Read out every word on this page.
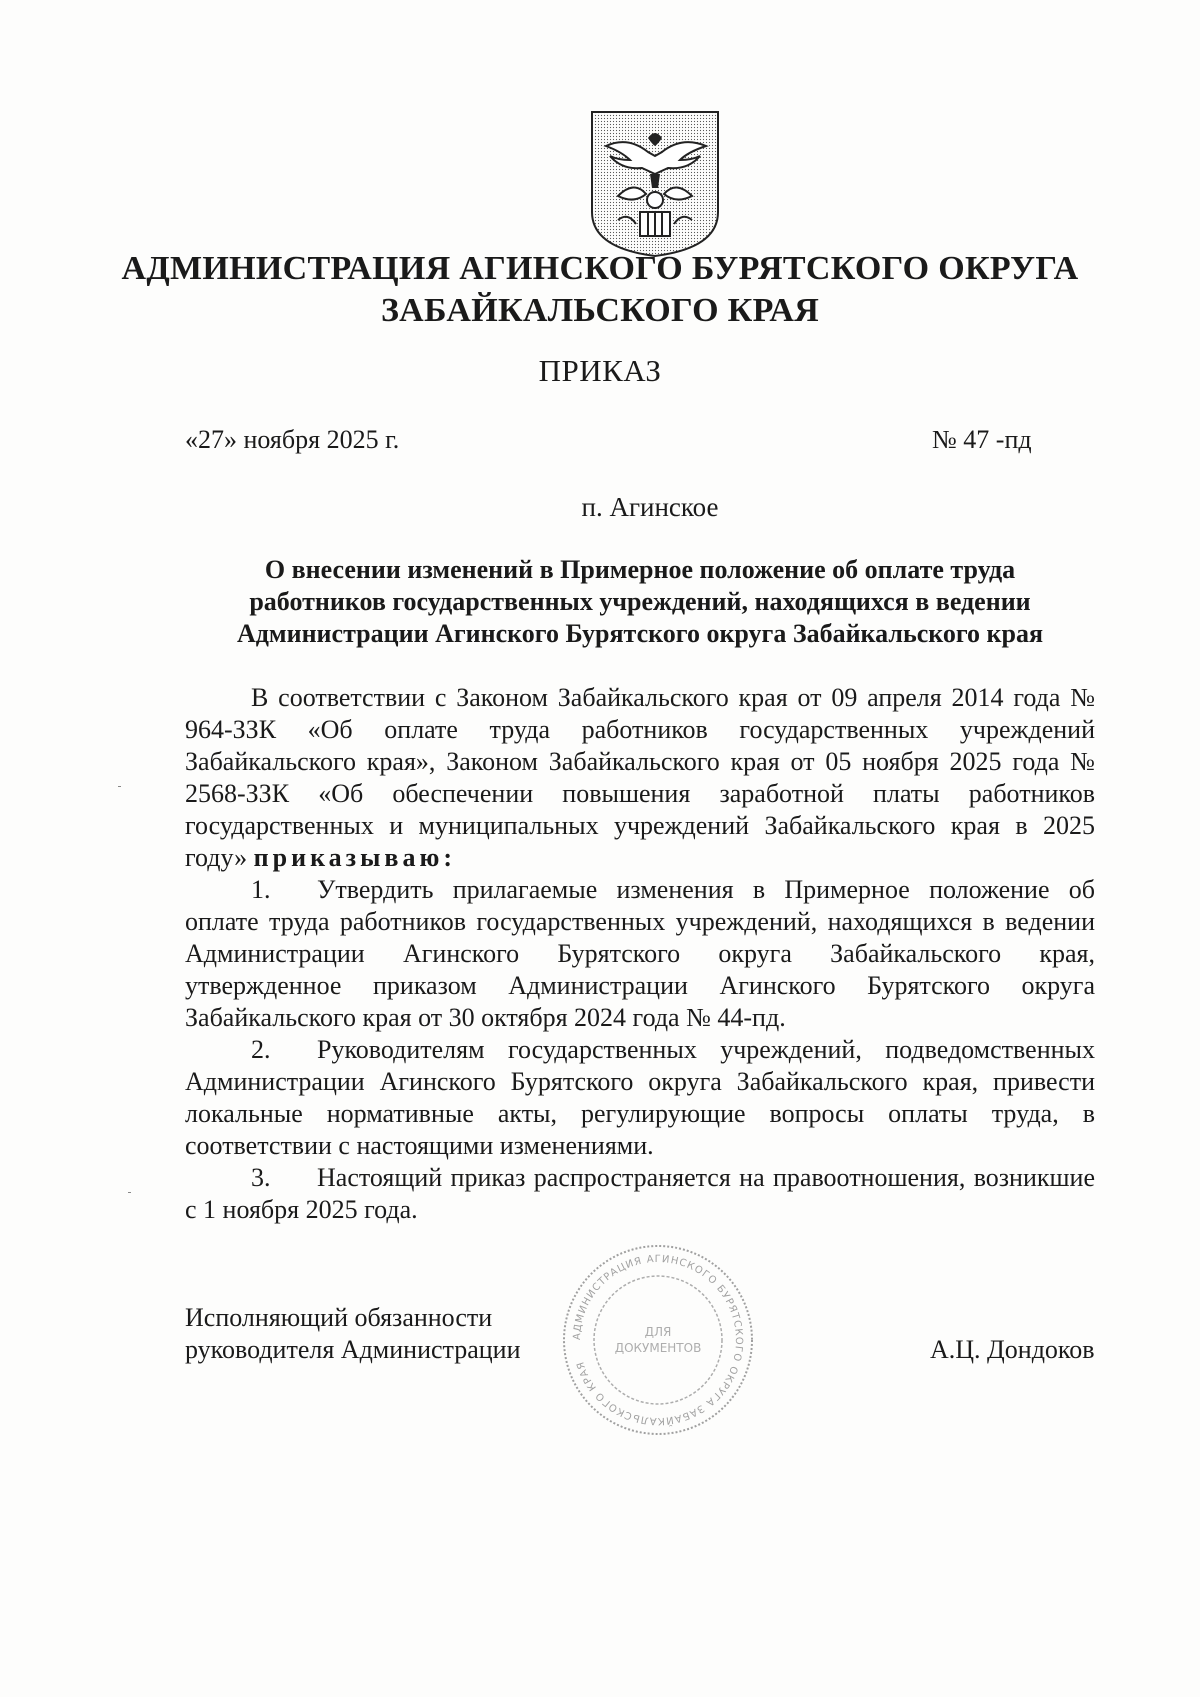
АДМИНИСТРАЦИЯ АГИНСКОГО БУРЯТСКОГО ОКРУГА
ЗАБАЙКАЛЬСКОГО КРАЯ
ПРИКАЗ
«27» ноября 2025 г.	№ 47 -пд
п. Агинское
О внесении изменений в Примерное положение об оплате труда
работников государственных учреждений, находящихся в ведении
Администрации Агинского Бурятского округа Забайкальского края

В соответствии с Законом Забайкальского края от 09 апреля 2014 года № 964-ЗЗК «Об оплате труда работников государственных учреждений Забайкальского края», Законом Забайкальского края от 05 ноября 2025 года № 2568-ЗЗК «Об обеспечении повышения заработной платы работников государственных и муниципальных учреждений Забайкальского края в 2025 году» приказываю:

1. Утвердить прилагаемые изменения в Примерное положение об оплате труда работников государственных учреждений, находящихся в ведении Администрации Агинского Бурятского округа Забайкальского края, утвержденное приказом Администрации Агинского Бурятского округа Забайкальского края от 30 октября 2024 года № 44-пд.

2. Руководителям государственных учреждений, подведомственных Администрации Агинского Бурятского округа Забайкальского края, привести локальные нормативные акты, регулирующие вопросы оплаты труда, в соответствии с настоящими изменениями.

3. Настоящий приказ распространяется на правоотношения, возникшие с 1 ноября 2025 года.

Исполняющий обязанности
руководителя Администрации	А.Ц. Дондоков
АДМИНИСТРАЦИЯ АГИНСКОГО БУРЯТСКОГО ОКРУГА ЗАБАЙКАЛЬСКОГО КРАЯ
ДЛЯ
ДОКУМЕНТОВ
